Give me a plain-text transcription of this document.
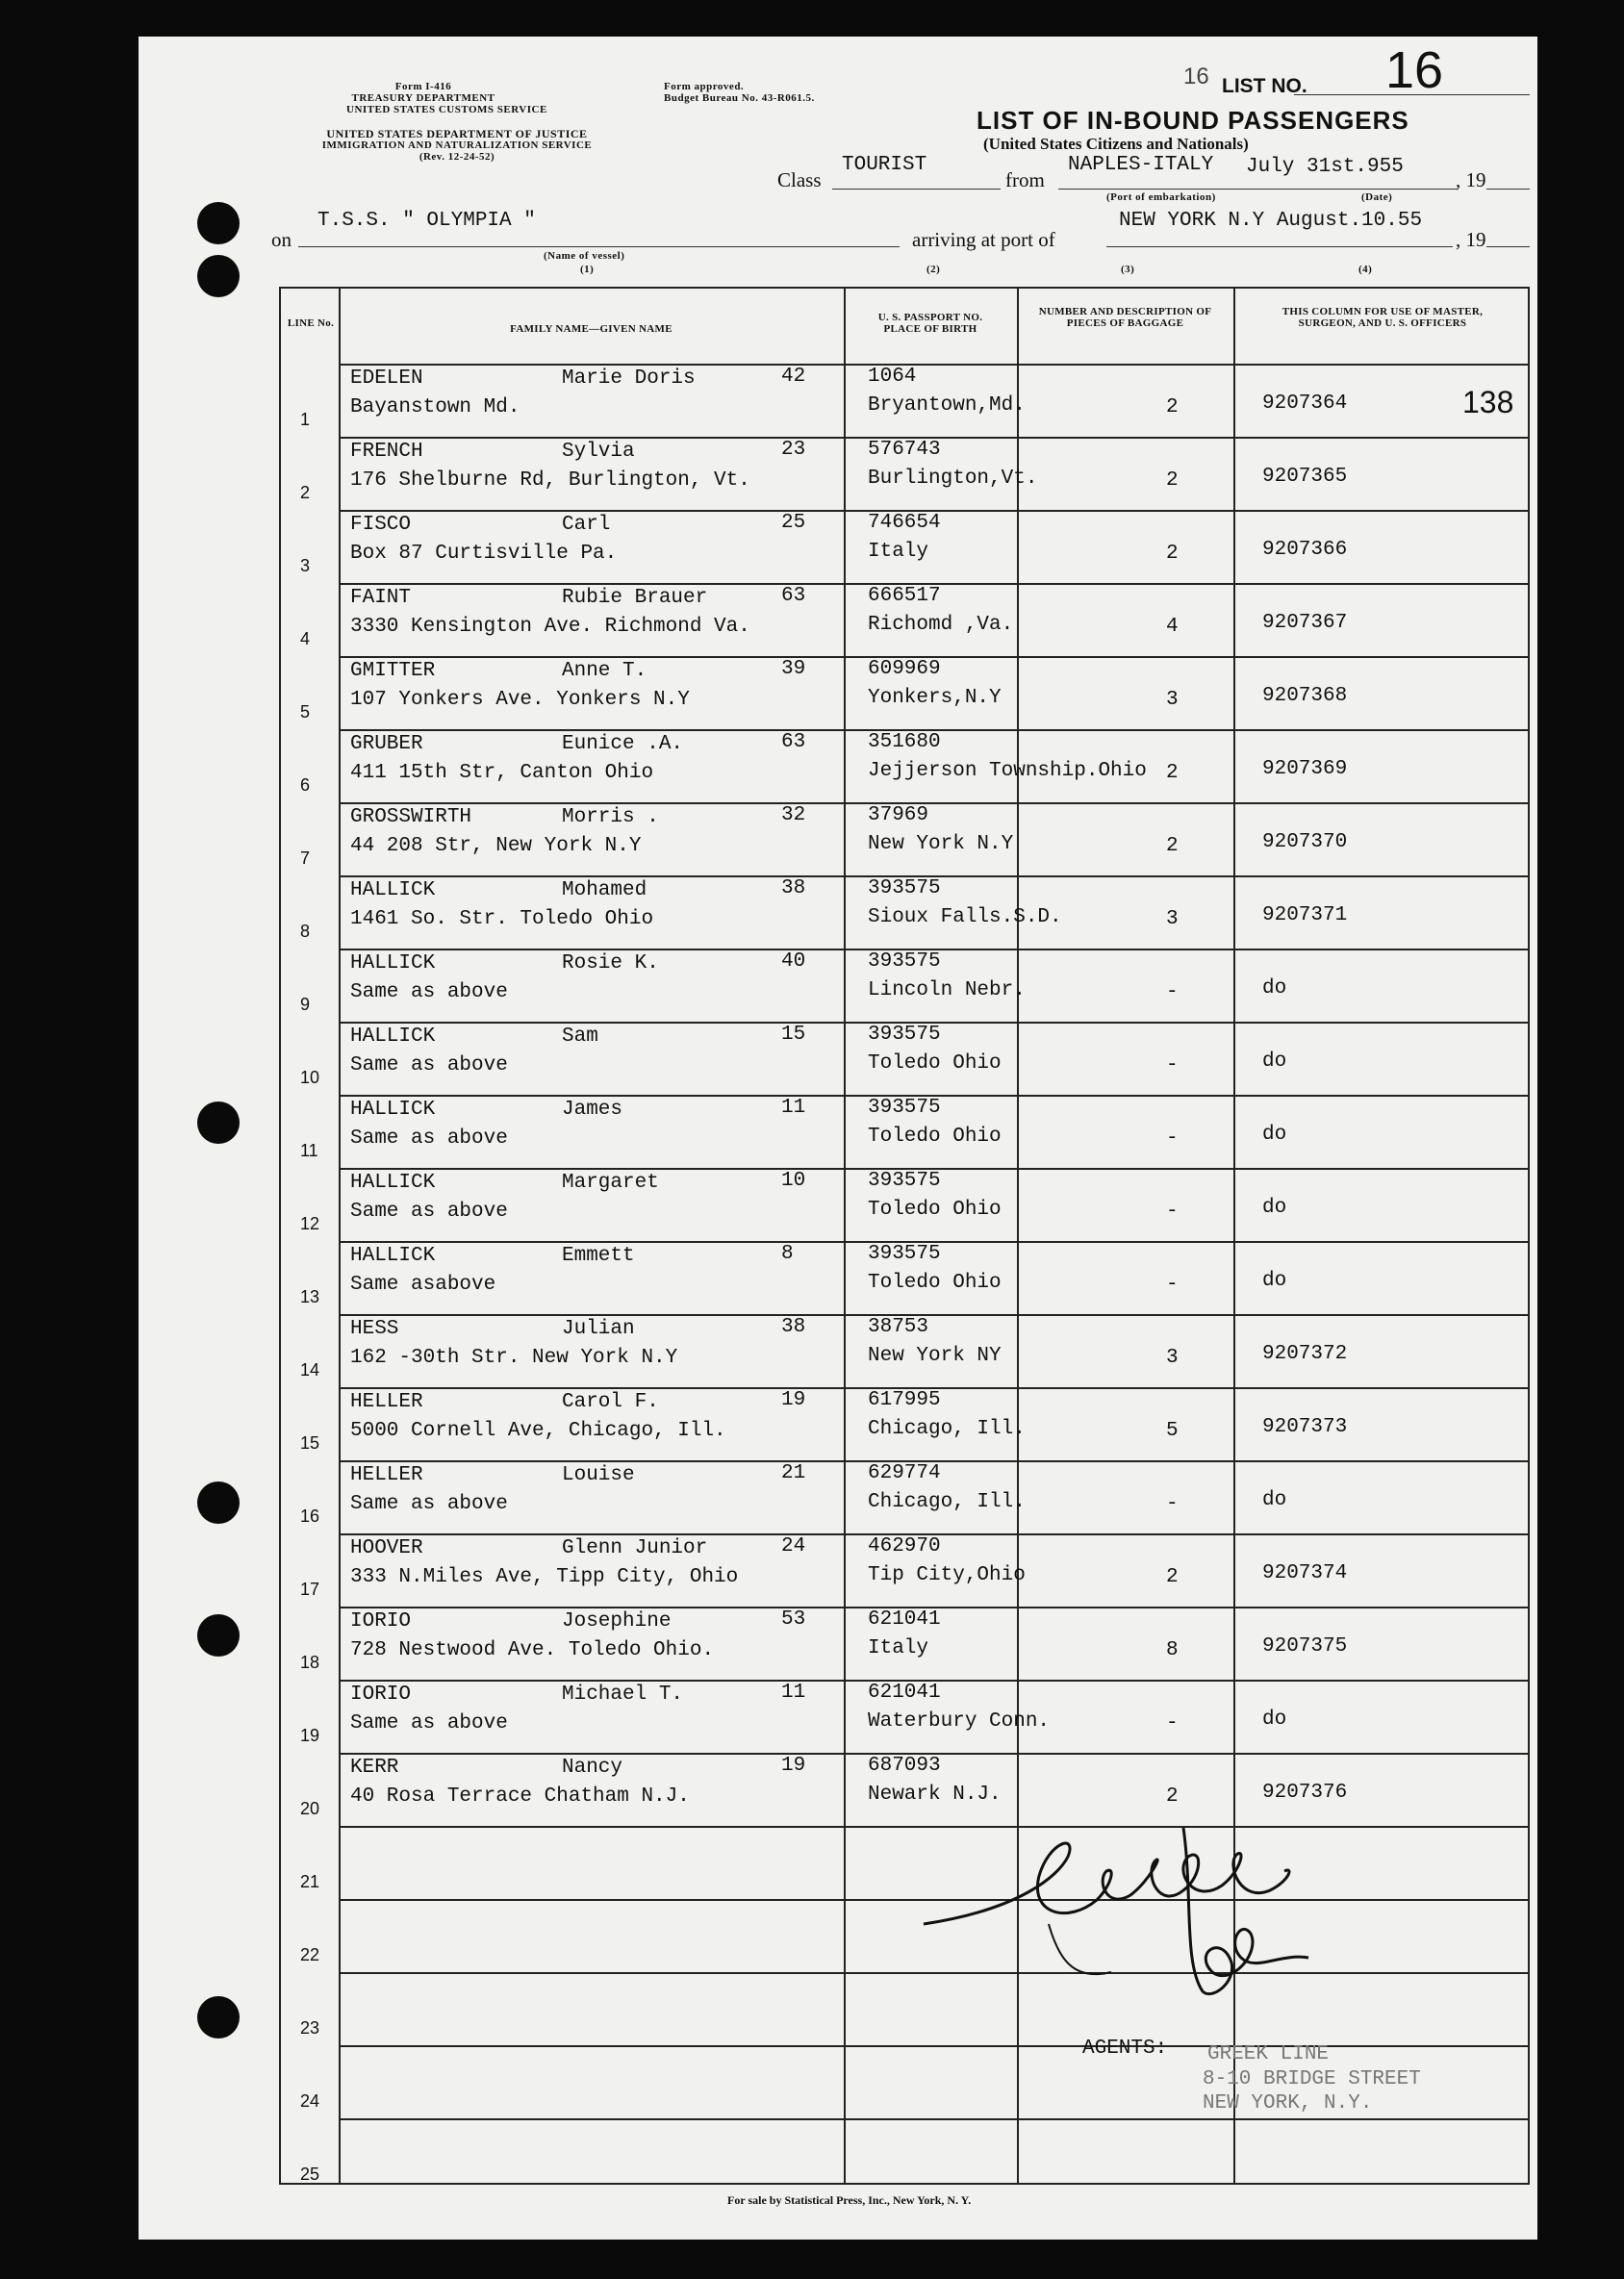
Form I-416
TREASURY DEPARTMENT
UNITED STATES CUSTOMS SERVICE
UNITED STATES DEPARTMENT OF JUSTICE
IMMIGRATION AND NATURALIZATION SERVICE
(Rev. 12-24-52)
Form approved.
Budget Bureau No. 43-R061.5.
16 LIST NO. 16
LIST OF IN-BOUND PASSENGERS
(United States Citizens and Nationals)
Class
TOURIST
from
NAPLES-ITALY July 31st.955
, 19
(Port of embarkation)	(Date)
on
T.S.S. " OLYMPIA "
(Name of vessel)
arriving at port of
NEW YORK N.Y August.10.55
, 19
(1)	(2)	(3)	(4)
LINE No.	FAMILY NAME—GIVEN NAME
U. S. PASSPORT NO. PLACE OF BIRTH
NUMBER AND DESCRIPTION OF PIECES OF BAGGAGE
THIS COLUMN FOR USE OF MASTER, SURGEON, AND U. S. OFFICERS
1
EDELEN	Marie Doris	42
Bayanstown Md.
1064
Bryantown,Md.	2	9207364
2
FRENCH	Sylvia	23
176 Shelburne Rd, Burlington, Vt.
576743
Burlington,Vt.	2	9207365
3
FISCO	Carl	25
Box 87 Curtisville Pa.
746654
Italy	2	9207366
4
FAINT	Rubie Brauer	63
3330 Kensington Ave. Richmond Va.
666517
Richomd ,Va.	4	9207367
5
GMITTER	Anne T.	39
107 Yonkers Ave. Yonkers N.Y
609969
Yonkers,N.Y	3	9207368
6
GRUBER	Eunice .A.	63
411 15th Str, Canton Ohio
351680
Jejjerson Township.Ohio 2	9207369
7
GROSSWIRTH	Morris .	32
44 208 Str, New York N.Y
37969
New York N.Y	2	9207370
8
HALLICK	Mohamed	38
1461 So. Str. Toledo Ohio
393575
Sioux Falls.S.D.	3	9207371
9
HALLICK	Rosie K.	40
Same as above
393575
Lincoln Nebr.	-	do
10
HALLICK	Sam	15
Same as above
393575
Toledo Ohio	-	do
11
HALLICK	James	11
Same as above
393575
Toledo Ohio	-	do
12
HALLICK	Margaret	10
Same as above
393575
Toledo Ohio	-	do
13
HALLICK	Emmett	8
Same asabove
393575
Toledo Ohio	-	do
14
HESS	Julian	38
162 -30th Str. New York N.Y
38753
New York NY	3	9207372
15
HELLER	Carol F.	19
5000 Cornell Ave, Chicago, Ill.
617995
Chicago, Ill.	5	9207373
16
HELLER	Louise	21
Same as above
629774
Chicago, Ill.	-	do
17
HOOVER	Glenn Junior	24
333 N.Miles Ave, Tipp City, Ohio
462970
Tip City,Ohio	2	9207374
18
IORIO	Josephine	53
728 Nestwood Ave. Toledo Ohio.
621041
Italy	8	9207375
19
IORIO	Michael T.	11
Same as above
621041
Waterbury Conn.	-	do
20
KERR	Nancy	19
40 Rosa Terrace Chatham N.J.
687093
Newark N.J.	2	9207376
21
22
23
24
25
138
AGENTS: GREEK LINE
8-10 BRIDGE STREET
NEW YORK, N.Y.
For sale by Statistical Press, Inc., New York, N. Y.
